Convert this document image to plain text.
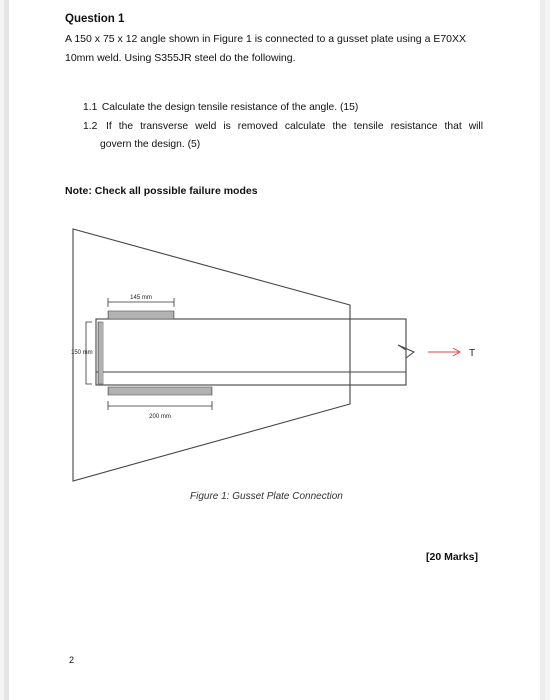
Question 1
A 150 x 75 x 12 angle shown in Figure 1 is connected to a gusset plate using a E70XX
10mm weld. Using S355JR steel do the following.
1.1 Calculate the design tensile resistance of the angle. (15)
1.2 If the transverse weld is removed calculate the tensile resistance that will
govern the design. (5)
Note: Check all possible failure modes
145 mm
200 mm
150 mm	T
Figure 1: Gusset Plate Connection
[20 Marks]
2
